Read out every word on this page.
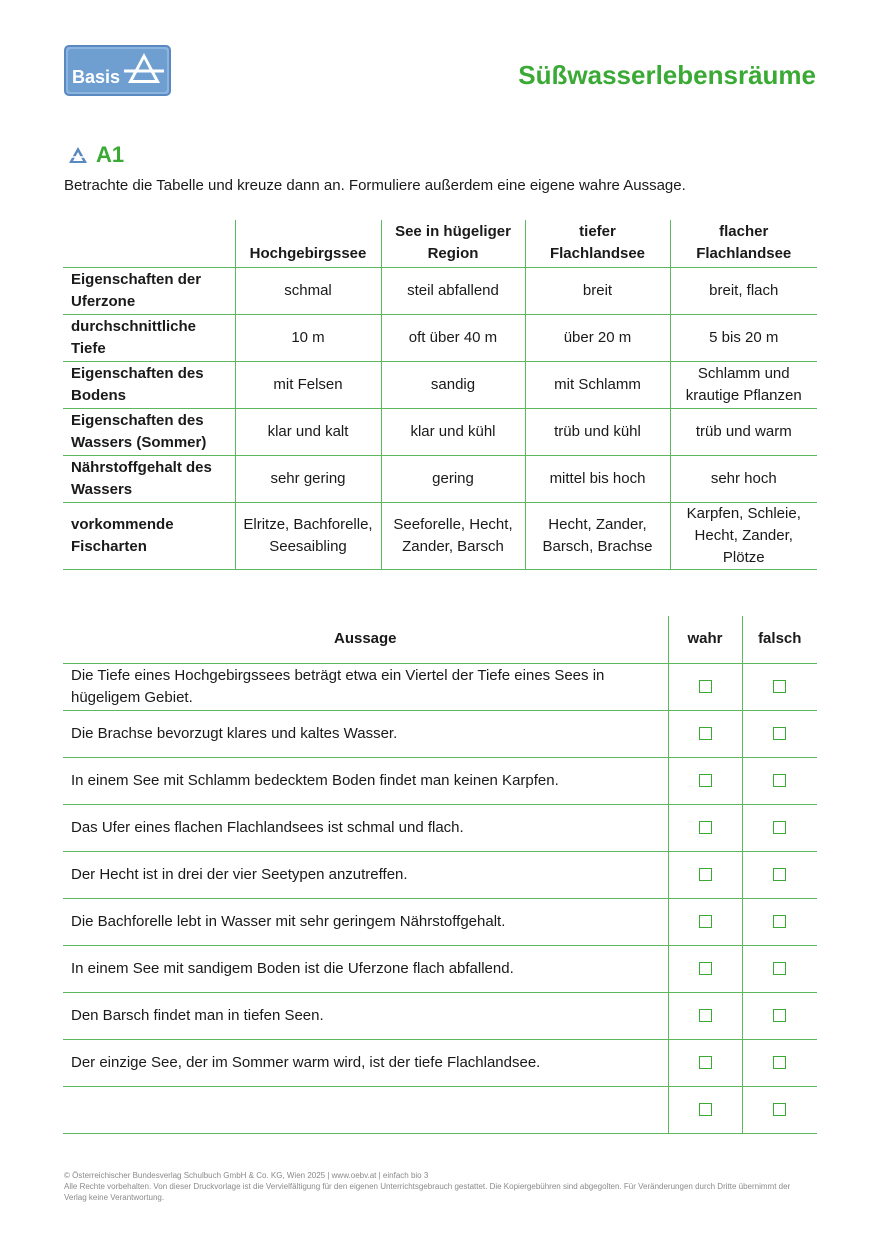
Basis	Süßwasserlebensräume
A1

Betrachte die Tabelle und kreuze dann an. Formuliere außerdem eine eigene wahre Aussage.

	Hochgebirgssee	See in hügeliger Region	tiefer Flachlandsee	flacher Flachlandsee
Eigenschaften der Uferzone	schmal	steil abfallend	breit	breit, flach
durchschnittliche Tiefe	10 m	oft über 40 m	über 20 m	5 bis 20 m
Eigenschaften des Bodens	mit Felsen	sandig	mit Schlamm	Schlamm und krautige Pflanzen
Eigenschaften des Wassers (Sommer)	klar und kalt	klar und kühl	trüb und kühl	trüb und warm
Nährstoffgehalt des Wassers	sehr gering	gering	mittel bis hoch	sehr hoch
vorkommende Fischarten	Elritze, Bachforelle, Seesaibling	Seeforelle, Hecht, Zander, Barsch	Hecht, Zander, Barsch, Brachse	Karpfen, Schleie, Hecht, Zander, Plötze
Aussage	wahr	falsch
Die Tiefe eines Hochgebirgssees beträgt etwa ein Viertel der Tiefe eines Sees in hügeligem Gebiet.		
Die Brachse bevorzugt klares und kaltes Wasser.		
In einem See mit Schlamm bedecktem Boden findet man keinen Karpfen.		
Das Ufer eines flachen Flachlandsees ist schmal und flach.		
Der Hecht ist in drei der vier Seetypen anzutreffen.		
Die Bachforelle lebt in Wasser mit sehr geringem Nährstoffgehalt.		
In einem See mit sandigem Boden ist die Uferzone flach abfallend.		
Den Barsch findet man in tiefen Seen.		
Der einzige See, der im Sommer warm wird, ist der tiefe Flachlandsee.		

© Österreichischer Bundesverlag Schulbuch GmbH & Co. KG, Wien 2025 | www.oebv.at | einfach bio 3
Alle Rechte vorbehalten. Von dieser Druckvorlage ist die Vervielfältigung für den eigenen Unterrichtsgebrauch gestattet. Die Kopiergebühren sind abgegolten. Für Veränderungen durch Dritte übernimmt der Verlag keine Verantwortung.
